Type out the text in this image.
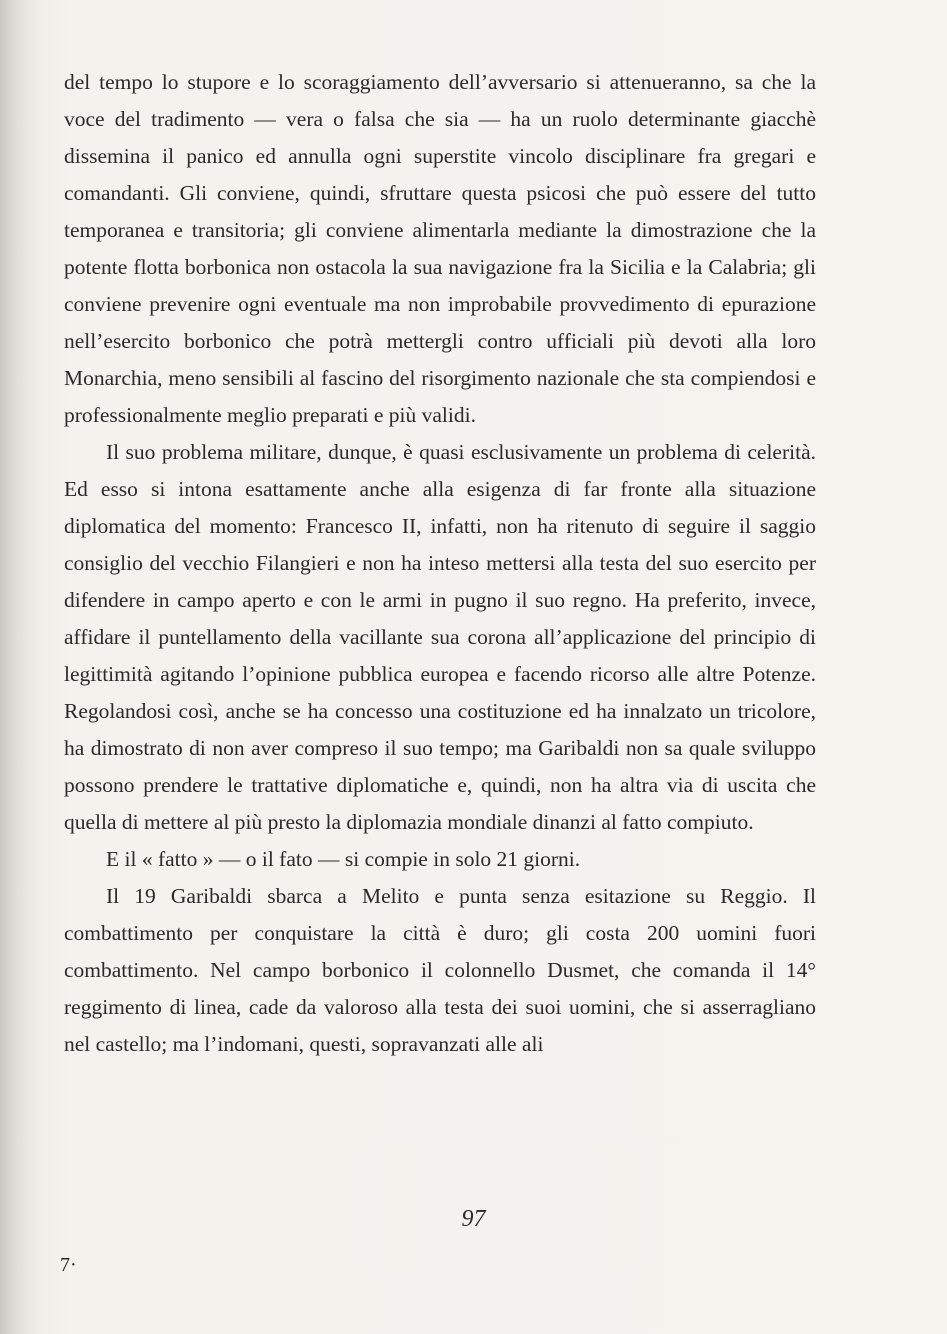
del tempo lo stupore e lo scoraggiamento dell’avversario si attenueranno, sa che la voce del tradimento — vera o falsa che sia — ha un ruolo determinante giacchè dissemina il panico ed annulla ogni superstite vincolo disciplinare fra gregari e comandanti. Gli conviene, quindi, sfruttare questa psicosi che può essere del tutto temporanea e transitoria; gli conviene alimentarla mediante la dimostrazione che la potente flotta borbonica non ostacola la sua navigazione fra la Sicilia e la Calabria; gli conviene prevenire ogni eventuale ma non improbabile provvedimento di epurazione nell’esercito borbonico che potrà mettergli contro ufficiali più devoti alla loro Monarchia, meno sensibili al fascino del risorgimento nazionale che sta compiendosi e professionalmente meglio preparati e più validi.

Il suo problema militare, dunque, è quasi esclusivamente un problema di celerità. Ed esso si intona esattamente anche alla esigenza di far fronte alla situazione diplomatica del momento: Francesco II, infatti, non ha ritenuto di seguire il saggio consiglio del vecchio Filangieri e non ha inteso mettersi alla testa del suo esercito per difendere in campo aperto e con le armi in pugno il suo regno. Ha preferito, invece, affidare il puntellamento della vacillante sua corona all’applicazione del principio di legittimità agitando l’opinione pubblica europea e facendo ricorso alle altre Potenze. Regolandosi così, anche se ha concesso una costituzione ed ha innalzato un tricolore, ha dimostrato di non aver compreso il suo tempo; ma Garibaldi non sa quale sviluppo possono prendere le trattative diplomatiche e, quindi, non ha altra via di uscita che quella di mettere al più presto la diplomazia mondiale dinanzi al fatto compiuto.

E il « fatto » — o il fato — si compie in solo 21 giorni.

Il 19 Garibaldi sbarca a Melito e punta senza esitazione su Reggio. Il combattimento per conquistare la città è duro; gli costa 200 uomini fuori combattimento. Nel campo borbonico il colonnello Dusmet, che comanda il 14° reggimento di linea, cade da valoroso alla testa dei suoi uomini, che si asserragliano nel castello; ma l’indomani, questi, sopravanzati alle ali

97
7·
